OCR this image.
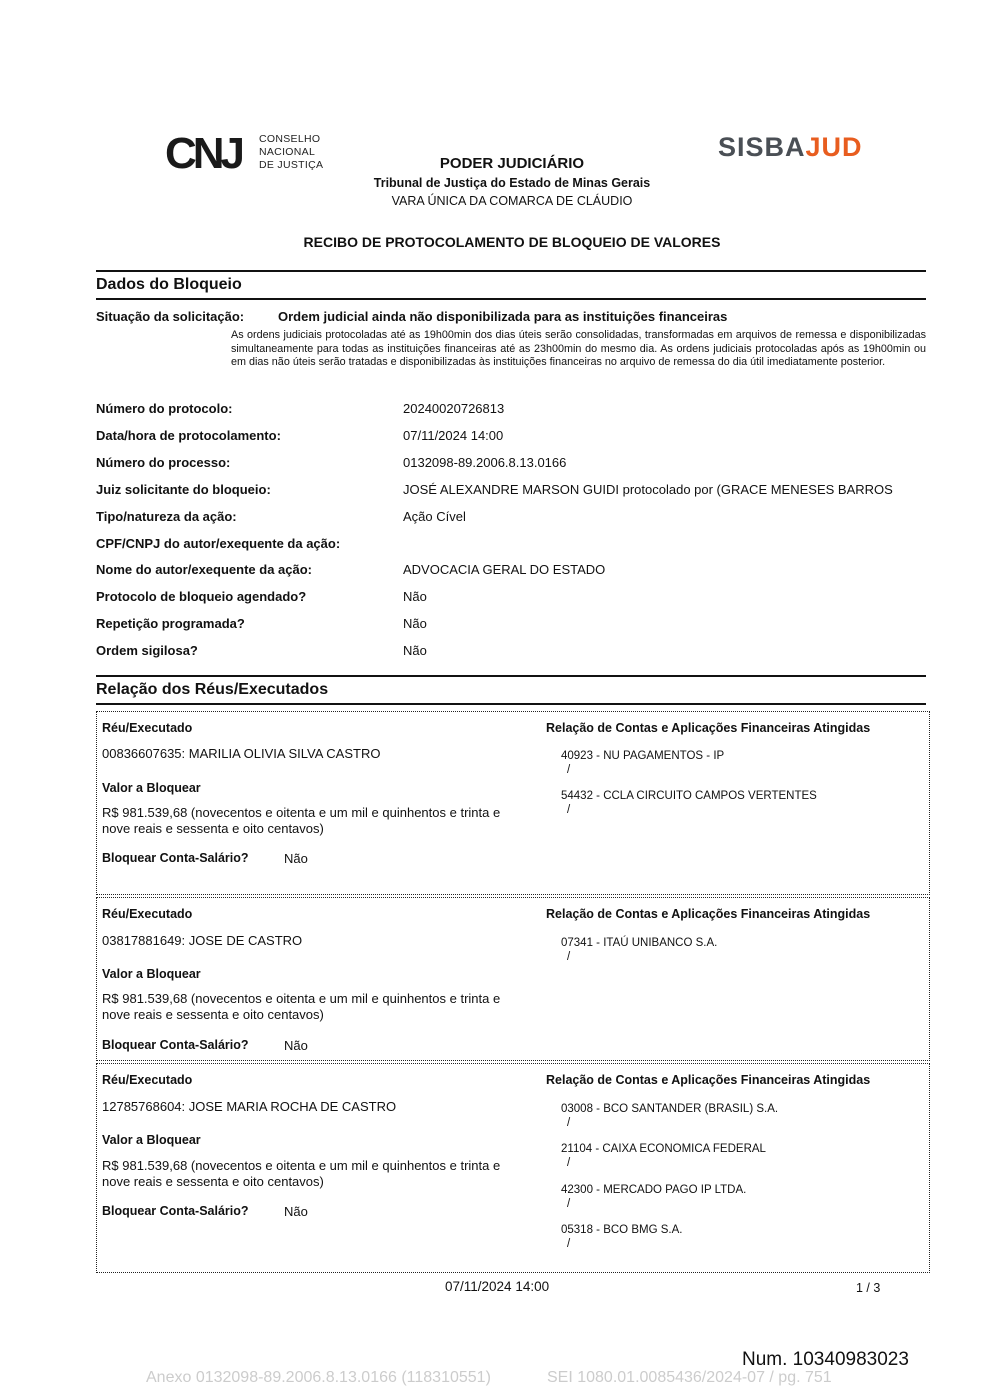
CNJ CONSELHO
NACIONAL
DE JUSTIÇA
SISBAJUD
PODER JUDICIÁRIO
Tribunal de Justiça do Estado de Minas Gerais
VARA ÚNICA DA COMARCA DE CLÁUDIO
RECIBO DE PROTOCOLAMENTO DE BLOQUEIO DE VALORES
Dados do Bloqueio
Situação da solicitação:	Ordem judicial ainda não disponibilizada para as instituições financeiras
As ordens judiciais protocoladas até as 19h00min dos dias úteis serão consolidadas, transformadas em arquivos de remessa e disponibilizadas simultaneamente para todas as instituições financeiras até as 23h00min do mesmo dia. As ordens judiciais protocoladas após as 19h00min ou em dias não úteis serão tratadas e disponibilizadas às instituições financeiras no arquivo de remessa do dia útil imediatamente posterior.
Número do protocolo:	20240020726813
Data/hora de protocolamento:	07/11/2024 14:00
Número do processo:	0132098-89.2006.8.13.0166
Juiz solicitante do bloqueio:	JOSÉ ALEXANDRE MARSON GUIDI protocolado por (GRACE MENESES BARROS
Tipo/natureza da ação:	Ação Cível
CPF/CNPJ do autor/exequente da ação:
Nome do autor/exequente da ação:	ADVOCACIA GERAL DO ESTADO
Protocolo de bloqueio agendado?	Não
Repetição programada?	Não
Ordem sigilosa?	Não
Relação dos Réus/Executados
Réu/Executado
00836607635: MARILIA OLIVIA SILVA CASTRO
Valor a Bloquear
R$ 981.539,68 (novecentos e oitenta e um mil e quinhentos e trinta e
nove reais e sessenta e oito centavos)
Bloquear Conta-Salário?	Não
Relação de Contas e Aplicações Financeiras Atingidas
40923 - NU PAGAMENTOS - IP
/
54432 - CCLA CIRCUITO CAMPOS VERTENTES
/
Réu/Executado
03817881649: JOSE DE CASTRO
Valor a Bloquear
R$ 981.539,68 (novecentos e oitenta e um mil e quinhentos e trinta e
nove reais e sessenta e oito centavos)
Bloquear Conta-Salário?	Não
Relação de Contas e Aplicações Financeiras Atingidas
07341 - ITAÚ UNIBANCO S.A.
/
Réu/Executado
12785768604: JOSE MARIA ROCHA DE CASTRO
Valor a Bloquear
R$ 981.539,68 (novecentos e oitenta e um mil e quinhentos e trinta e
nove reais e sessenta e oito centavos)
Bloquear Conta-Salário?	Não
Relação de Contas e Aplicações Financeiras Atingidas
03008 - BCO SANTANDER (BRASIL) S.A.
/
21104 - CAIXA ECONOMICA FEDERAL
/
42300 - MERCADO PAGO IP LTDA.
/
05318 - BCO BMG S.A.
/
07/11/2024 14:00	1 / 3
Num. 10340983023
Anexo 0132098-89.2006.8.13.0166 (118310551)	SEI 1080.01.0085436/2024-07 / pg. 751
